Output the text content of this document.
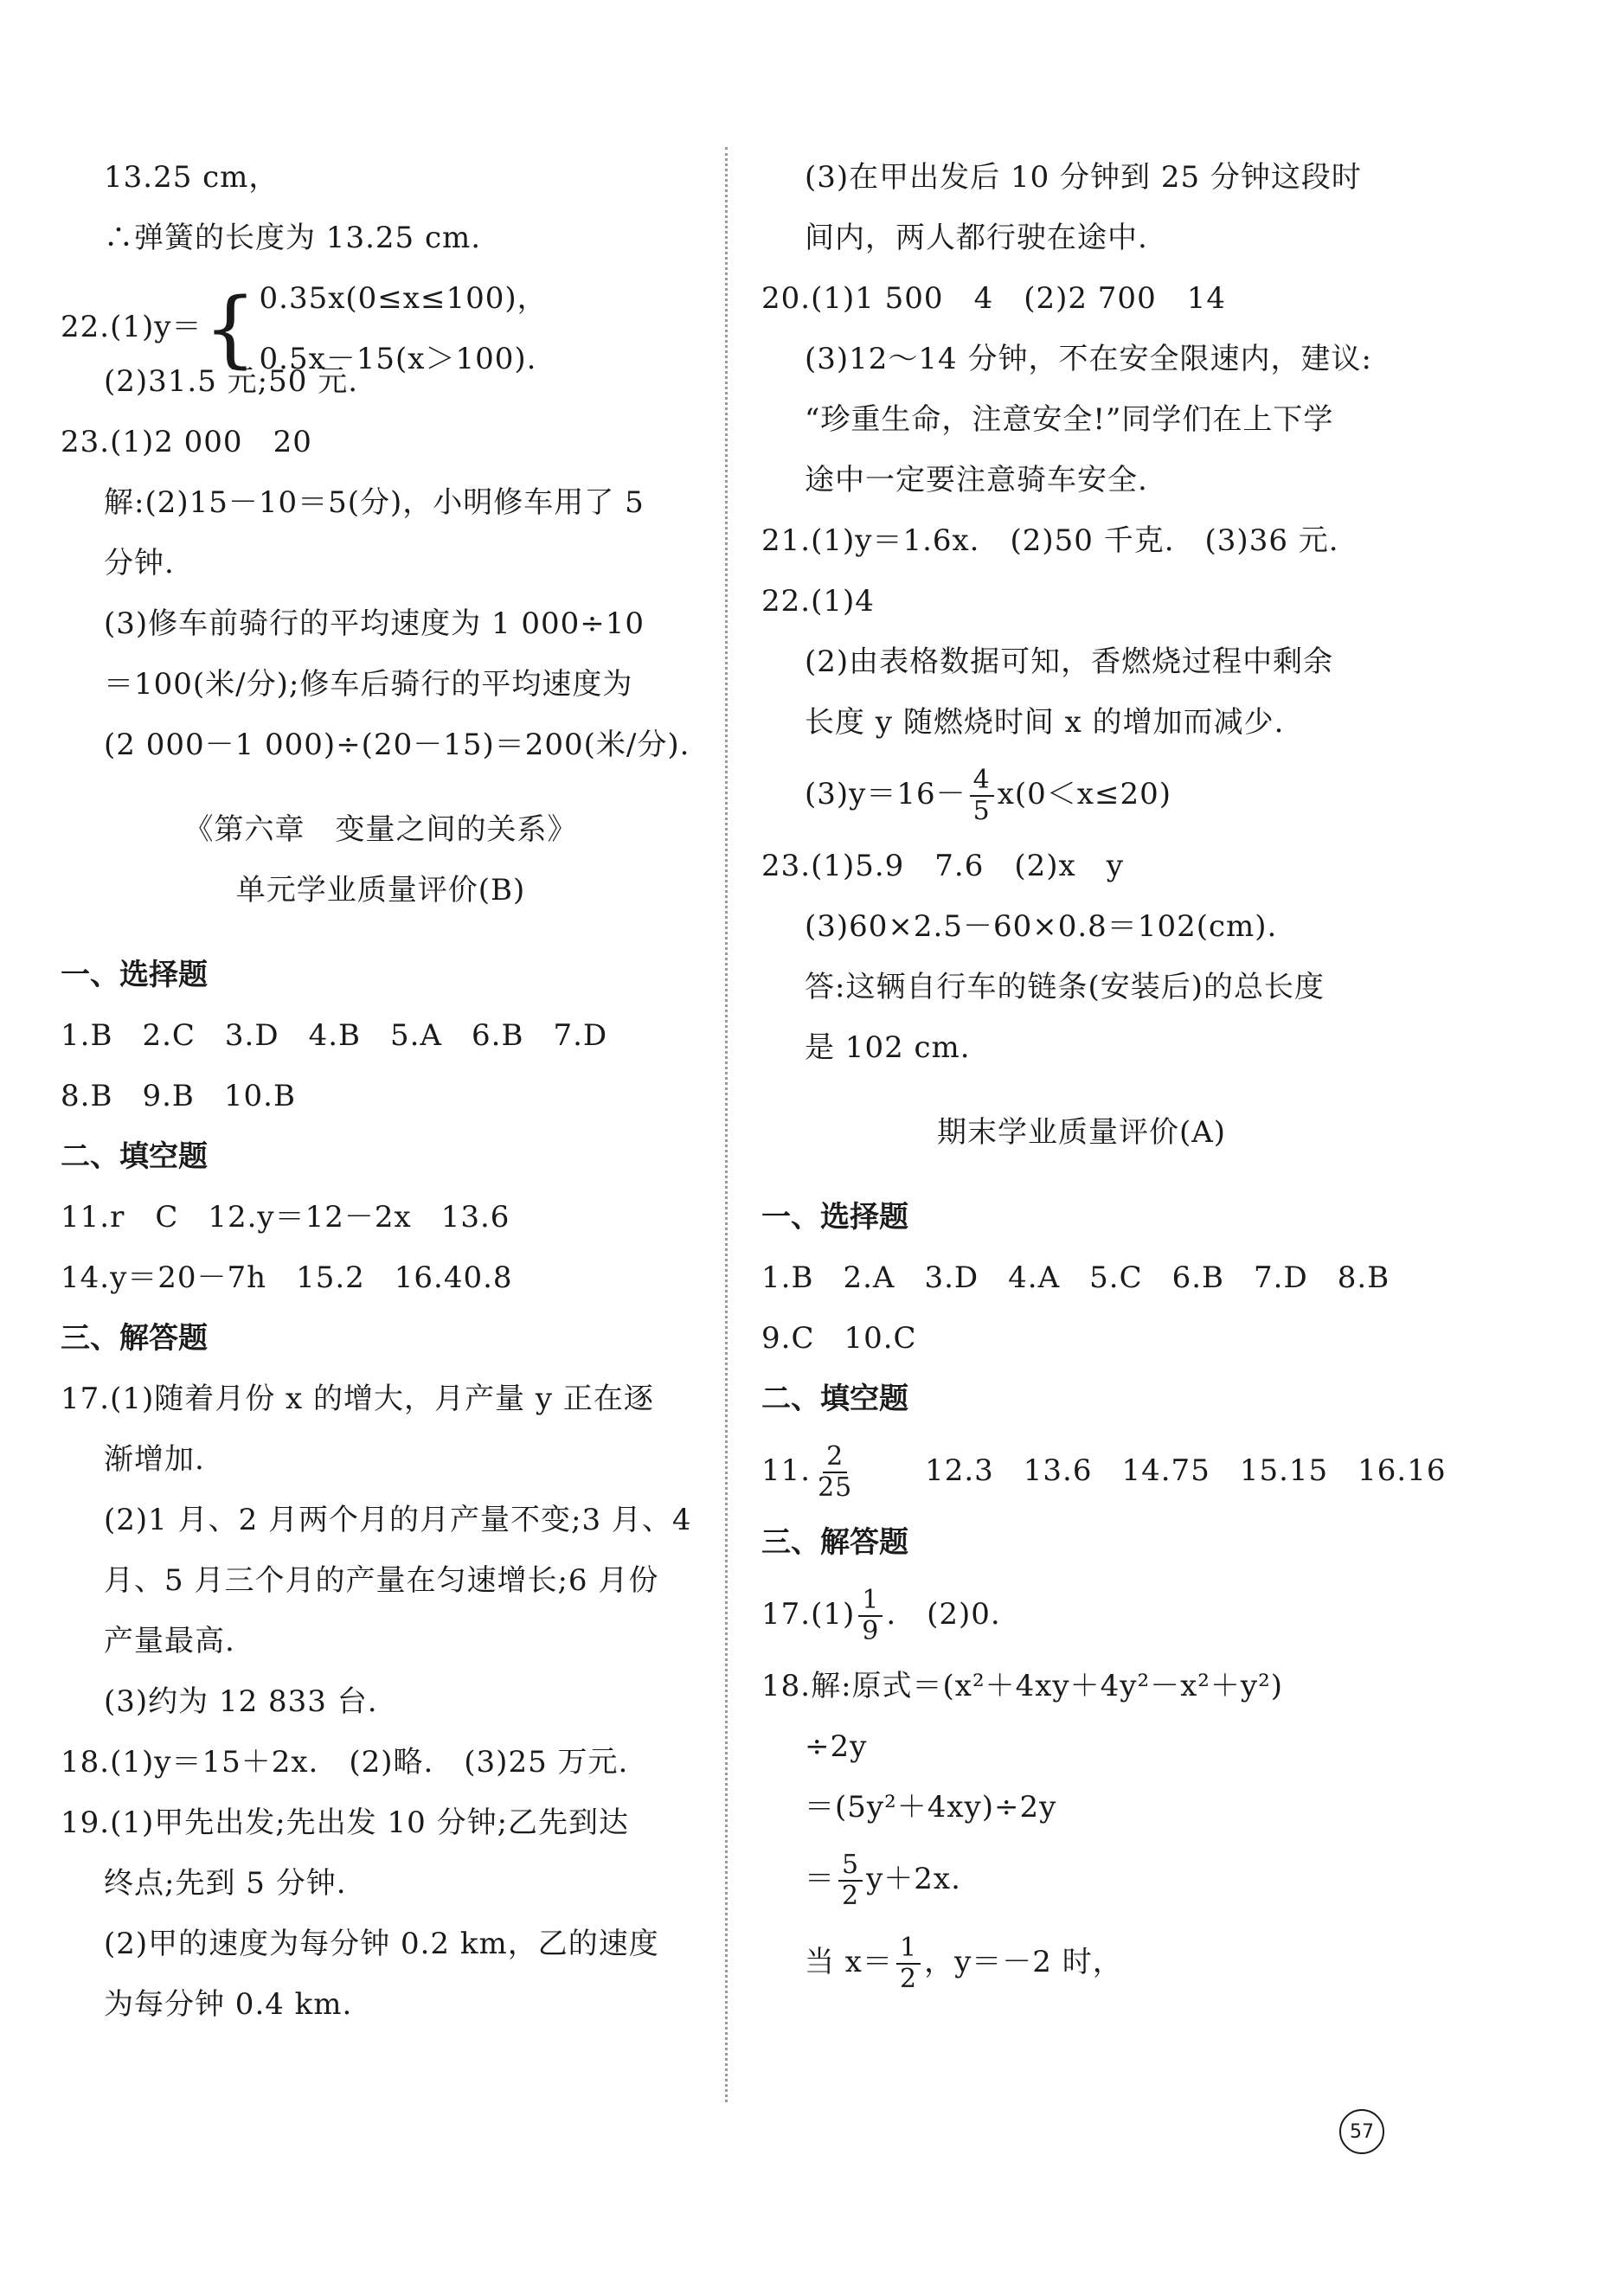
13.25 cm，
∴弹簧的长度为 13.25 cm.
22.(1)y＝ { 0.35x(0≤x≤100)，
0.5x－15(x＞100).
(2)31.5 元;50 元.
23.(1)2 000　20
解:(2)15－10＝5(分)，小明修车用了 5
分钟.
(3)修车前骑行的平均速度为 1 000÷10
＝100(米/分);修车后骑行的平均速度为
(2 000－1 000)÷(20－15)＝200(米/分).
《第六章　变量之间的关系》
单元学业质量评价(B)
一、选择题
1.B 2.C 3.D 4.B 5.A 6.B 7.D
8.B 9.B 10.B
二、填空题
11.r　C 12.y＝12－2x 13.6
14.y＝20－7h 15.2 16.40.8
三、解答题
17.(1)随着月份 x 的增大，月产量 y 正在逐
渐增加.
(2)1 月、2 月两个月的月产量不变;3 月、4
月、5 月三个月的产量在匀速增长;6 月份
产量最高.
(3)约为 12 833 台.
18.(1)y＝15＋2x.　(2)略.　(3)25 万元.
19.(1)甲先出发;先出发 10 分钟;乙先到达
终点;先到 5 分钟.
(2)甲的速度为每分钟 0.2 km，乙的速度
为每分钟 0.4 km.
(3)在甲出发后 10 分钟到 25 分钟这段时
间内，两人都行驶在途中.
20.(1)1 500　4　(2)2 700　14
(3)12～14 分钟，不在安全限速内，建议:
“珍重生命，注意安全!”同学们在上下学
途中一定要注意骑车安全.
21.(1)y＝1.6x.　(2)50 千克.　(3)36 元.
22.(1)4
(2)由表格数据可知，香燃烧过程中剩余
长度 y 随燃烧时间 x 的增加而减少.
$(3)y=16- \frac{4}{5} x(0<x\le 20)$
23.(1)5.9　7.6　(2)x　y
(3)60×2.5－60×0.8＝102(cm).
答:这辆自行车的链条(安装后)的总长度
是 102 cm.
期末学业质量评价(A)
一、选择题
1.B 2.A 3.D 4.A 5.C 6.B 7.D 8.B
9.C 10.C
二、填空题
11. $\frac{2}{25} 12.3$ 13.6 14.75 15.15 16.16
三、解答题
$17.(1) \frac{1}{9}$ .　(2)0.
18.解:原式＝(x²＋4xy＋4y²－x²＋y²)
÷2y
＝(5y²＋4xy)÷2y
＝ $\frac{5}{2} y+2x$.
当 $x= \frac{1}{2}$ ，y＝－2 时，
57
